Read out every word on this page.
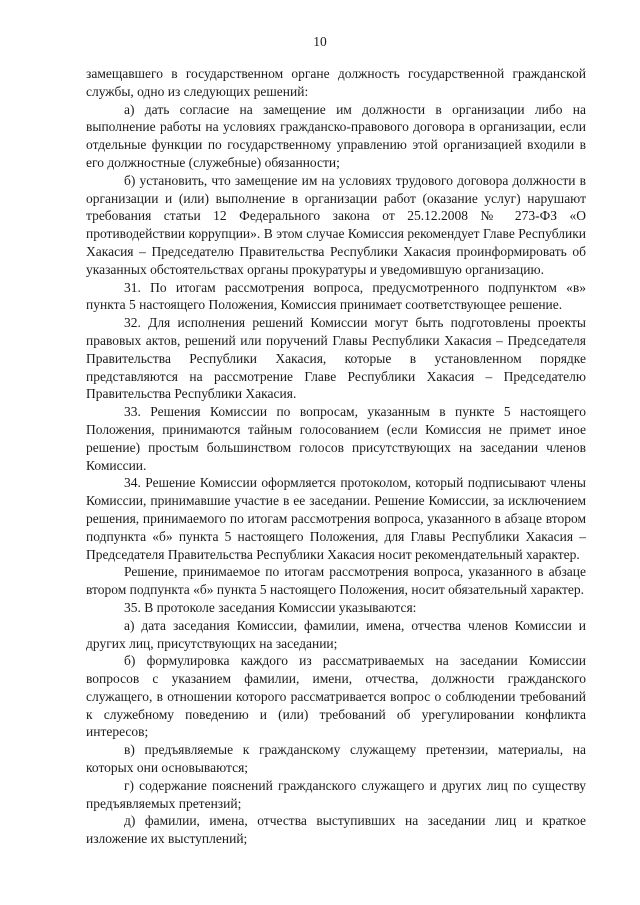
10

замещавшего в государственном органе должность государственной гражданской службы, одно из следующих решений:

а) дать согласие на замещение им должности в организации либо на выполнение работы на условиях гражданско-правового договора в организации, если отдельные функции по государственному управлению этой организацией входили в его должностные (служебные) обязанности;

б) установить, что замещение им на условиях трудового договора должности в организации и (или) выполнение в организации работ (оказание услуг) нарушают требования статьи 12 Федерального закона от 25.12.2008 № 273-ФЗ «О противодействии коррупции». В этом случае Комиссия рекомендует Главе Республики Хакасия – Председателю Правительства Республики Хакасия проинформировать об указанных обстоятельствах органы прокуратуры и уведомившую организацию.

31. По итогам рассмотрения вопроса, предусмотренного подпунктом «в» пункта 5 настоящего Положения, Комиссия принимает соответствующее решение.

32. Для исполнения решений Комиссии могут быть подготовлены проекты правовых актов, решений или поручений Главы Республики Хакасия – Председателя Правительства Республики Хакасия, которые в установленном порядке представляются на рассмотрение Главе Республики Хакасия – Председателю Правительства Республики Хакасия.

33. Решения Комиссии по вопросам, указанным в пункте 5 настоящего Положения, принимаются тайным голосованием (если Комиссия не примет иное решение) простым большинством голосов присутствующих на заседании членов Комиссии.

34. Решение Комиссии оформляется протоколом, который подписывают члены Комиссии, принимавшие участие в ее заседании. Решение Комиссии, за исключением решения, принимаемого по итогам рассмотрения вопроса, указанного в абзаце втором подпункта «б» пункта 5 настоящего Положения, для Главы Республики Хакасия – Председателя Правительства Республики Хакасия носит рекомендательный характер.

Решение, принимаемое по итогам рассмотрения вопроса, указанного в абзаце втором подпункта «б» пункта 5 настоящего Положения, носит обязательный характер.

35. В протоколе заседания Комиссии указываются:

а) дата заседания Комиссии, фамилии, имена, отчества членов Комиссии и других лиц, присутствующих на заседании;

б) формулировка каждого из рассматриваемых на заседании Комиссии вопросов с указанием фамилии, имени, отчества, должности гражданского служащего, в отношении которого рассматривается вопрос о соблюдении требований к служебному поведению и (или) требований об урегулировании конфликта интересов;

в) предъявляемые к гражданскому служащему претензии, материалы, на которых они основываются;

г) содержание пояснений гражданского служащего и других лиц по существу предъявляемых претензий;

д) фамилии, имена, отчества выступивших на заседании лиц и краткое изложение их выступлений;
